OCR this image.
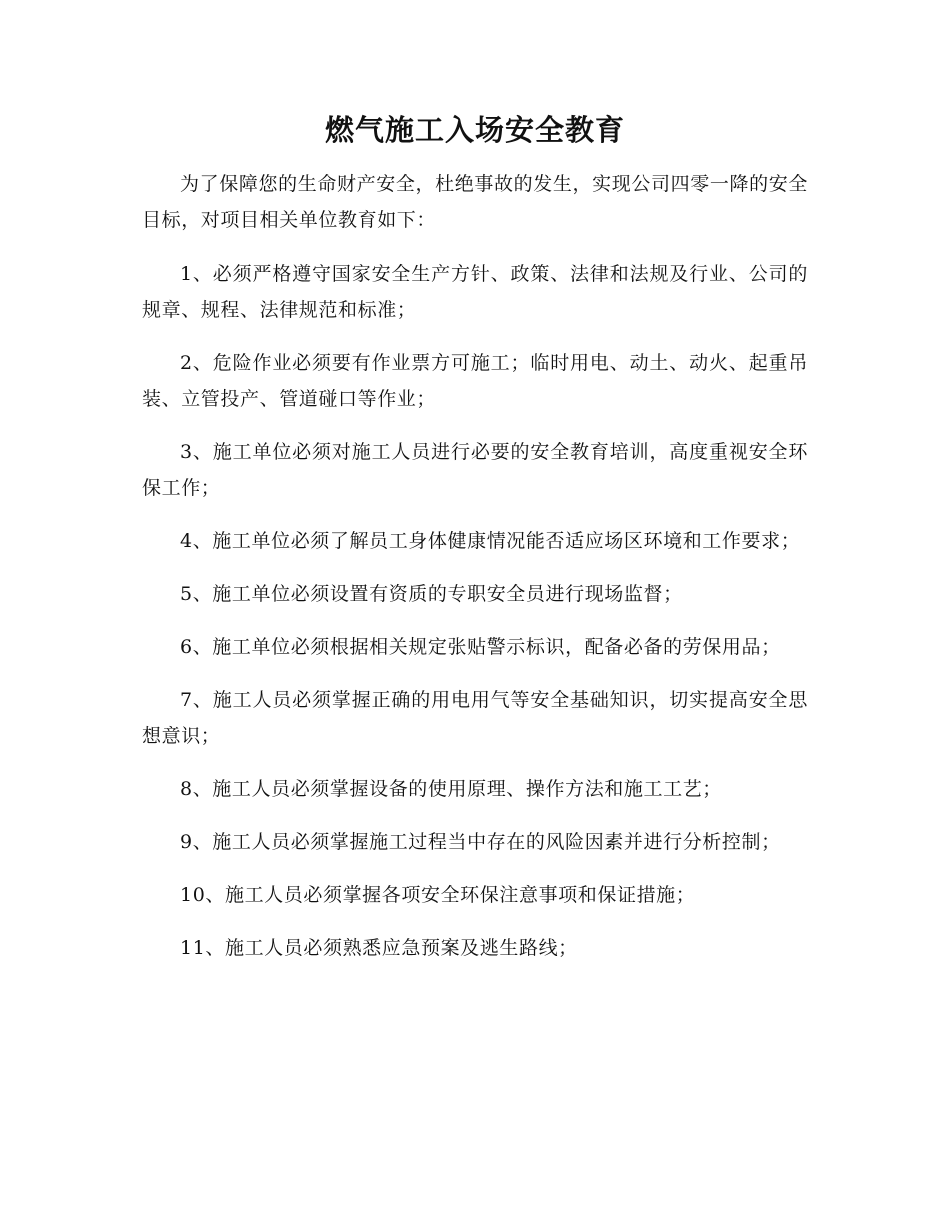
燃气施工入场安全教育

为了保障您的生命财产安全，杜绝事故的发生，实现公司四零一降的安全目标，对项目相关单位教育如下：

1、必须严格遵守国家安全生产方针、政策、法律和法规及行业、公司的规章、规程、法律规范和标准；

2、危险作业必须要有作业票方可施工；临时用电、动土、动火、起重吊装、立管投产、管道碰口等作业；

3、施工单位必须对施工人员进行必要的安全教育培训，高度重视安全环保工作；

4、施工单位必须了解员工身体健康情况能否适应场区环境和工作要求；

5、施工单位必须设置有资质的专职安全员进行现场监督；

6、施工单位必须根据相关规定张贴警示标识，配备必备的劳保用品；

7、施工人员必须掌握正确的用电用气等安全基础知识，切实提高安全思想意识；

8、施工人员必须掌握设备的使用原理、操作方法和施工工艺；

9、施工人员必须掌握施工过程当中存在的风险因素并进行分析控制；

10、施工人员必须掌握各项安全环保注意事项和保证措施；

11、施工人员必须熟悉应急预案及逃生路线；
